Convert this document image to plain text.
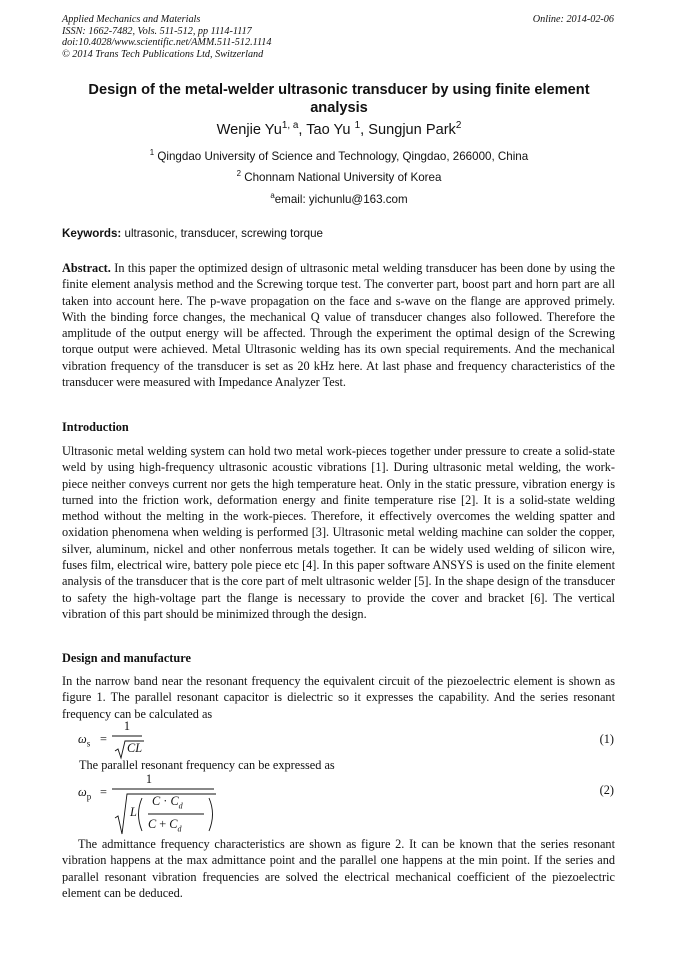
Applied Mechanics and Materials
ISSN: 1662-7482, Vols. 511-512, pp 1114-1117
doi:10.4028/www.scientific.net/AMM.511-512.1114
© 2014 Trans Tech Publications Ltd, Switzerland
Online: 2014-02-06
Design of the metal-welder ultrasonic transducer by using finite element
analysis
Wenjie Yu$^{1, a}$, Tao Yu $^1$, Sungjun Park$^2$
$^1$ Qingdao University of Science and Technology, Qingdao, 266000, China
$^2$ Chonnam National University of Korea
$^a$email: yichunlu@163.com
Keywords: ultrasonic, transducer, screwing torque

Abstract. In this paper the optimized design of ultrasonic metal welding transducer has been done by using the finite element analysis method and the Screwing torque test. The converter part, boost part and horn part are all taken into account here. The p-wave propagation on the face and s-wave on the flange are approved primely. With the binding force changes, the mechanical Q value of transducer changes also followed. Therefore the amplitude of the output energy will be affected. Through the experiment the optimal design of the Screwing torque output were achieved. Metal Ultrasonic welding has its own special requirements. And the mechanical vibration frequency of the transducer is set as 20 kHz here. At last phase and frequency characteristics of the transducer were measured with Impedance Analyzer Test.

Introduction

Ultrasonic metal welding system can hold two metal work-pieces together under pressure to create a solid-state weld by using high-frequency ultrasonic acoustic vibrations [1]. During ultrasonic metal welding, the work-piece neither conveys current nor gets the high temperature heat. Only in the static pressure, vibration energy is turned into the friction work, deformation energy and finite temperature rise [2]. It is a solid-state welding method without the melting in the work-pieces. Therefore, it effectively overcomes the welding spatter and oxidation phenomena when welding is performed [3]. Ultrasonic metal welding machine can solder the copper, silver, aluminum, nickel and other nonferrous metals together. It can be widely used welding of silicon wire, fuses film, electrical wire, battery pole piece etc [4]. In this paper software ANSYS is used on the finite element analysis of the transducer that is the core part of melt ultrasonic welder [5]. In the shape design of the transducer to safety the high-voltage part the flange is necessary to provide the cover and bracket [6]. The vertical vibration of this part should be minimized through the design.

Design and manufacture

In the narrow band near the resonant frequency the equivalent circuit of the piezoelectric element is shown as figure 1. The parallel resonant capacitor is dielectric so it expresses the capability. And the series resonant frequency can be calculated as

$\omega_s$ =
1
CL
(1)
The parallel resonant frequency can be expressed as
$\omega_p$ =
1
L
$C \cdot C_d$
$C + C_d$
(2)

The admittance frequency characteristics are shown as figure 2. It can be known that the series resonant vibration happens at the max admittance point and the parallel one happens at the min point. If the series and parallel resonant vibration frequencies are solved the electrical mechanical coefficient of the piezoelectric element can be deduced.
